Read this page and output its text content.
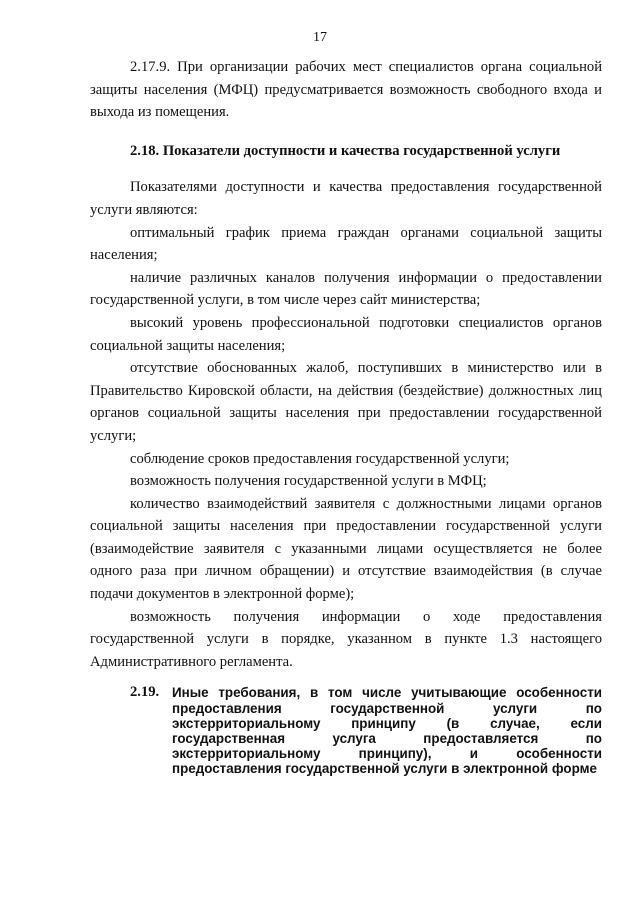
17

2.17.9. При организации рабочих мест специалистов органа социальной защиты населения (МФЦ) предусматривается возможность свободного входа и выхода из помещения.

2.18. Показатели доступности и качества государственной услуги

Показателями доступности и качества предоставления государственной услуги являются:

оптимальный график приема граждан органами социальной защиты населения;

наличие различных каналов получения информации о предоставлении государственной услуги, в том числе через сайт министерства;

высокий уровень профессиональной подготовки специалистов органов социальной защиты населения;

отсутствие обоснованных жалоб, поступивших в министерство или в Правительство Кировской области, на действия (бездействие) должностных лиц органов социальной защиты населения при предоставлении государственной услуги;

соблюдение сроков предоставления государственной услуги;

возможность получения государственной услуги в МФЦ;

количество взаимодействий заявителя с должностными лицами органов социальной защиты населения при предоставлении государственной услуги (взаимодействие заявителя с указанными лицами осуществляется не более одного раза при личном обращении) и отсутствие взаимодействия (в случае подачи документов в электронной форме);

возможность получения информации о ходе предоставления государственной услуги в порядке, указанном в пункте 1.3 настоящего Административного регламента.

2.19. Иные требования, в том числе учитывающие особенности предоставления государственной услуги по экстерриториальному принципу (в случае, если государственная услуга предоставляется по экстерриториальному принципу), и особенности предоставления государственной услуги в электронной форме
